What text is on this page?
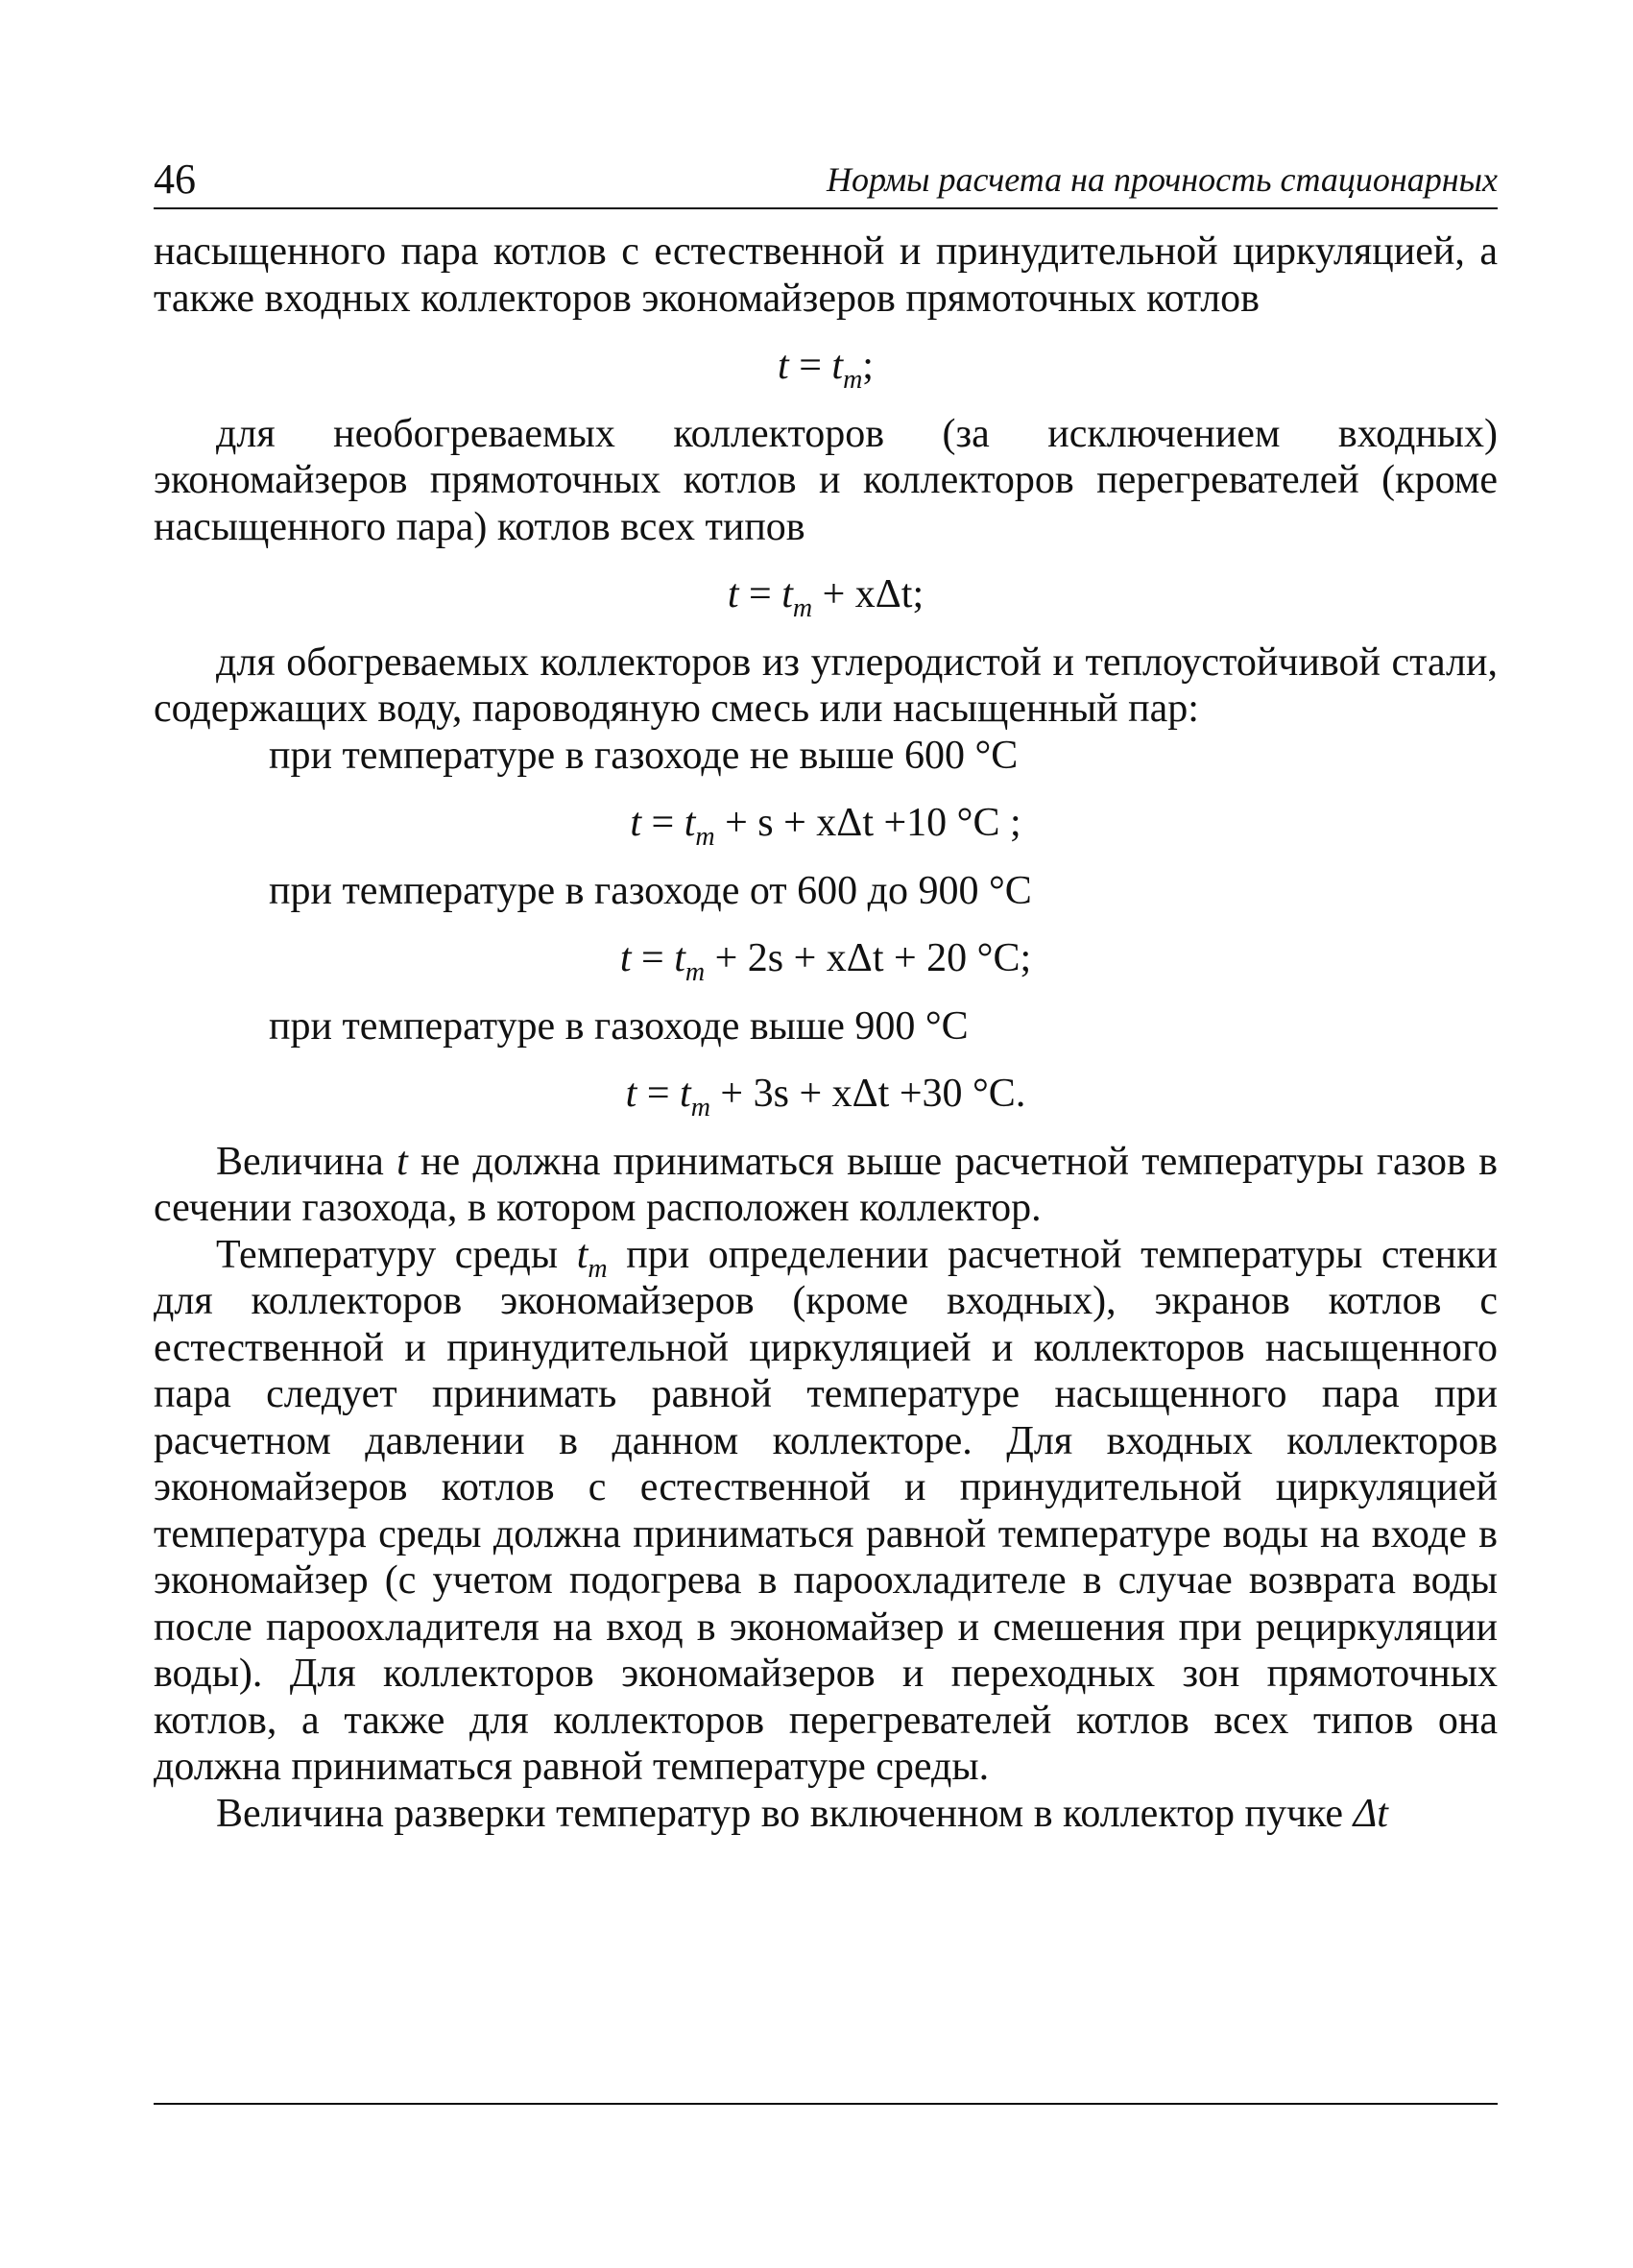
46	Нормы расчета на прочность стационарных

насыщенного пара котлов с естественной и принудительной циркуляцией, а также входных коллекторов экономайзеров прямоточных котлов

$t = t_m$;

для необогреваемых коллекторов (за исключением входных) экономайзеров прямоточных котлов и коллекторов перегревателей (кроме насыщенного пара) котлов всех типов

$t = t_m + x\Delta t$;

для обогреваемых коллекторов из углеродистой и теплоустойчивой стали, содержащих воду, пароводяную смесь или насыщенный пар:

при температуре в газоходе не выше 600 °С

$t = t_m + s + x\Delta t +10$ °С ;

при температуре в газоходе от 600 до 900 °С

$t = t_m + 2s + x\Delta t + 20$ °С;

при температуре в газоходе выше 900 °С

$t = t_m + 3s + x\Delta t +30$ °С.

Величина t не должна приниматься выше расчетной температуры газов в сечении газохода, в котором расположен коллектор.

Температуру среды $t_m$ при определении расчетной температуры стенки для коллекторов экономайзеров (кроме входных), экранов котлов с естественной и принудительной циркуляцией и коллекторов насыщенного пара следует принимать равной температуре насыщенного пара при расчетном давлении в данном коллекторе. Для входных коллекторов экономайзеров котлов с естественной и принудительной циркуляцией температура среды должна приниматься равной температуре воды на входе в экономайзер (с учетом подогрева в пароохладителе в случае возврата воды после пароохладителя на вход в экономайзер и смешения при рециркуляции воды). Для коллекторов экономайзеров и переходных зон прямоточных котлов, а также для коллекторов перегревателей котлов всех типов она должна приниматься равной температуре среды.

Величина разверки температур во включенном в коллектор пучке Δt
